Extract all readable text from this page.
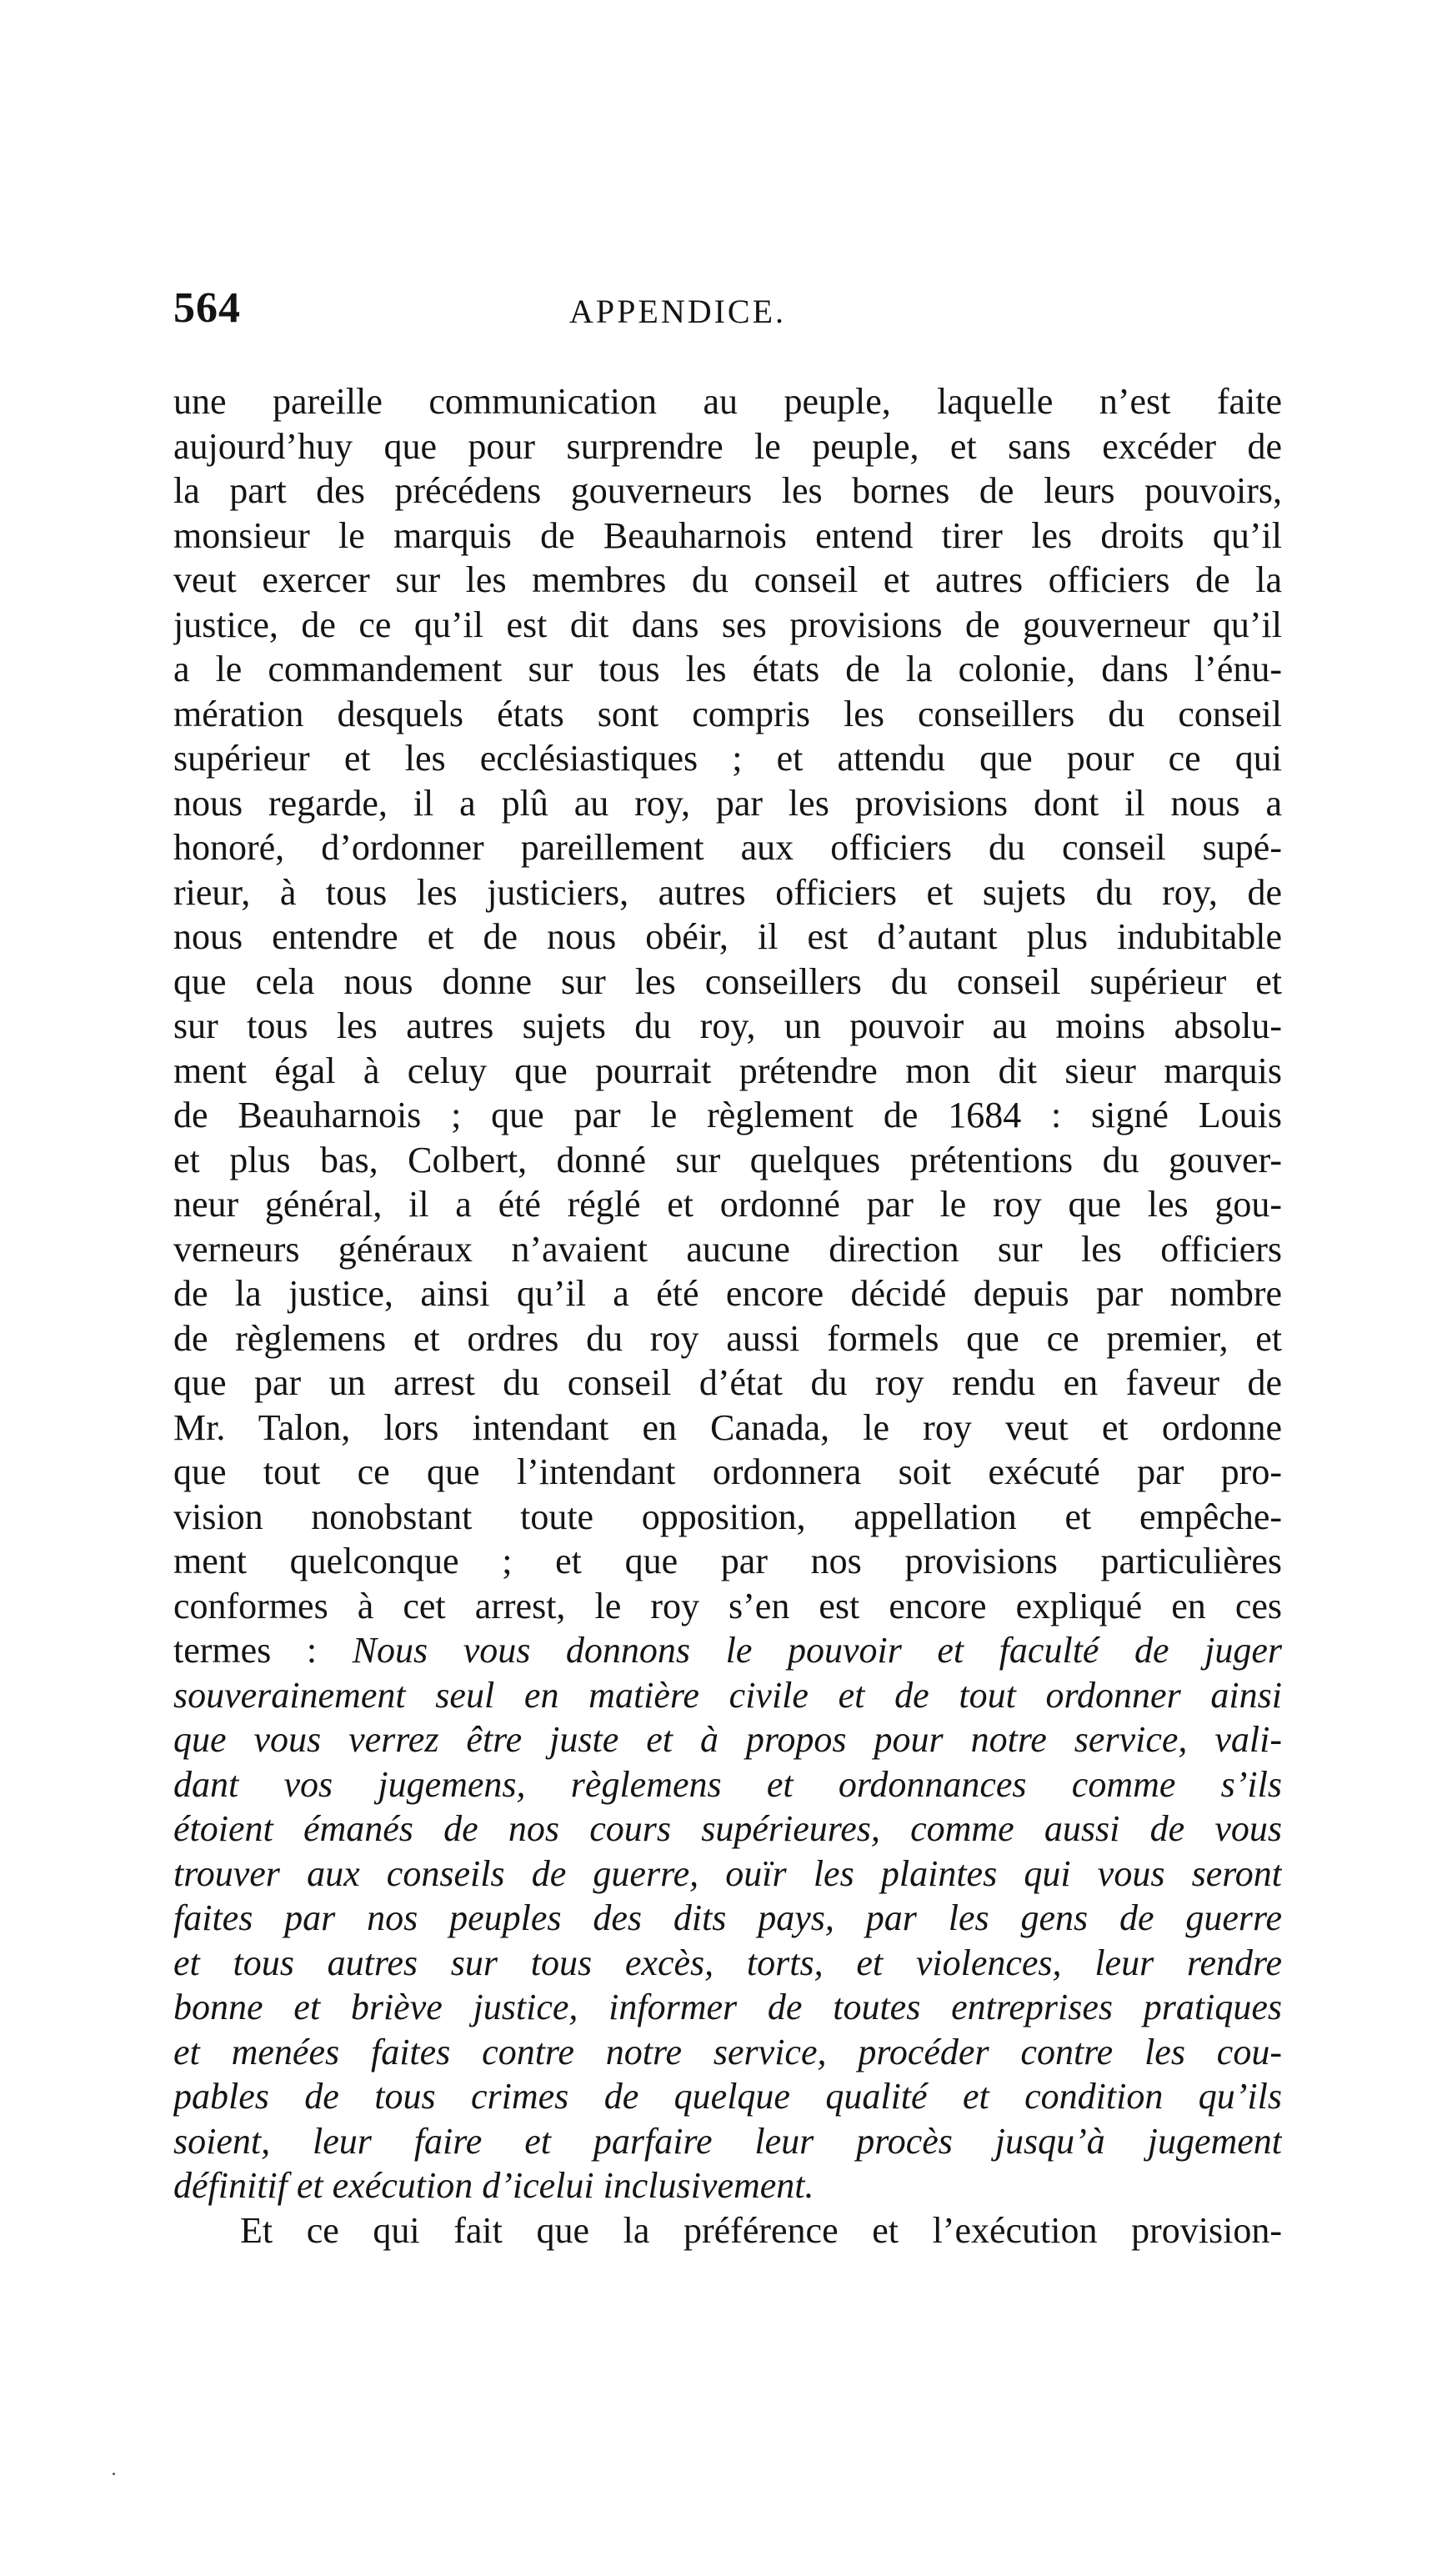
564	APPENDICE.
une pareille communication au peuple, laquelle n’est faite
aujourd’huy que pour surprendre le peuple, et sans excéder de
la part des précédens gouverneurs les bornes de leurs pouvoirs,
monsieur le marquis de Beauharnois entend tirer les droits qu’il
veut exercer sur les membres du conseil et autres officiers de la
justice, de ce qu’il est dit dans ses provisions de gouverneur qu’il
a le commandement sur tous les états de la colonie, dans l’énu-
mération desquels états sont compris les conseillers du conseil
supérieur et les ecclésiastiques ; et attendu que pour ce qui
nous regarde, il a plû au roy, par les provisions dont il nous a
honoré, d’ordonner pareillement aux officiers du conseil supé-
rieur, à tous les justiciers, autres officiers et sujets du roy, de
nous entendre et de nous obéir, il est d’autant plus indubitable
que cela nous donne sur les conseillers du conseil supérieur et
sur tous les autres sujets du roy, un pouvoir au moins absolu-
ment égal à celuy que pourrait prétendre mon dit sieur marquis
de Beauharnois ; que par le règlement de 1684 : signé Louis
et plus bas, Colbert, donné sur quelques prétentions du gouver-
neur général, il a été réglé et ordonné par le roy que les gou-
verneurs généraux n’avaient aucune direction sur les officiers
de la justice, ainsi qu’il a été encore décidé depuis par nombre
de règlemens et ordres du roy aussi formels que ce premier, et
que par un arrest du conseil d’état du roy rendu en faveur de
Mr. Talon, lors intendant en Canada, le roy veut et ordonne
que tout ce que l’intendant ordonnera soit exécuté par pro-
vision nonobstant toute opposition, appellation et empêche-
ment quelconque ; et que par nos provisions particulières
conformes à cet arrest, le roy s’en est encore expliqué en ces
termes : Nous vous donnons le pouvoir et faculté de juger
souverainement seul en matière civile et de tout ordonner ainsi
que vous verrez être juste et à propos pour notre service, vali-
dant vos jugemens, règlemens et ordonnances comme s’ils
étoient émanés de nos cours supérieures, comme aussi de vous
trouver aux conseils de guerre, ouïr les plaintes qui vous seront
faites par nos peuples des dits pays, par les gens de guerre
et tous autres sur tous excès, torts, et violences, leur rendre
bonne et briève justice, informer de toutes entreprises pratiques
et menées faites contre notre service, procéder contre les cou-
pables de tous crimes de quelque qualité et condition qu’ils
soient, leur faire et parfaire leur procès jusqu’à jugement
définitif et exécution d’icelui inclusivement.
Et ce qui fait que la préférence et l’exécution provision-
